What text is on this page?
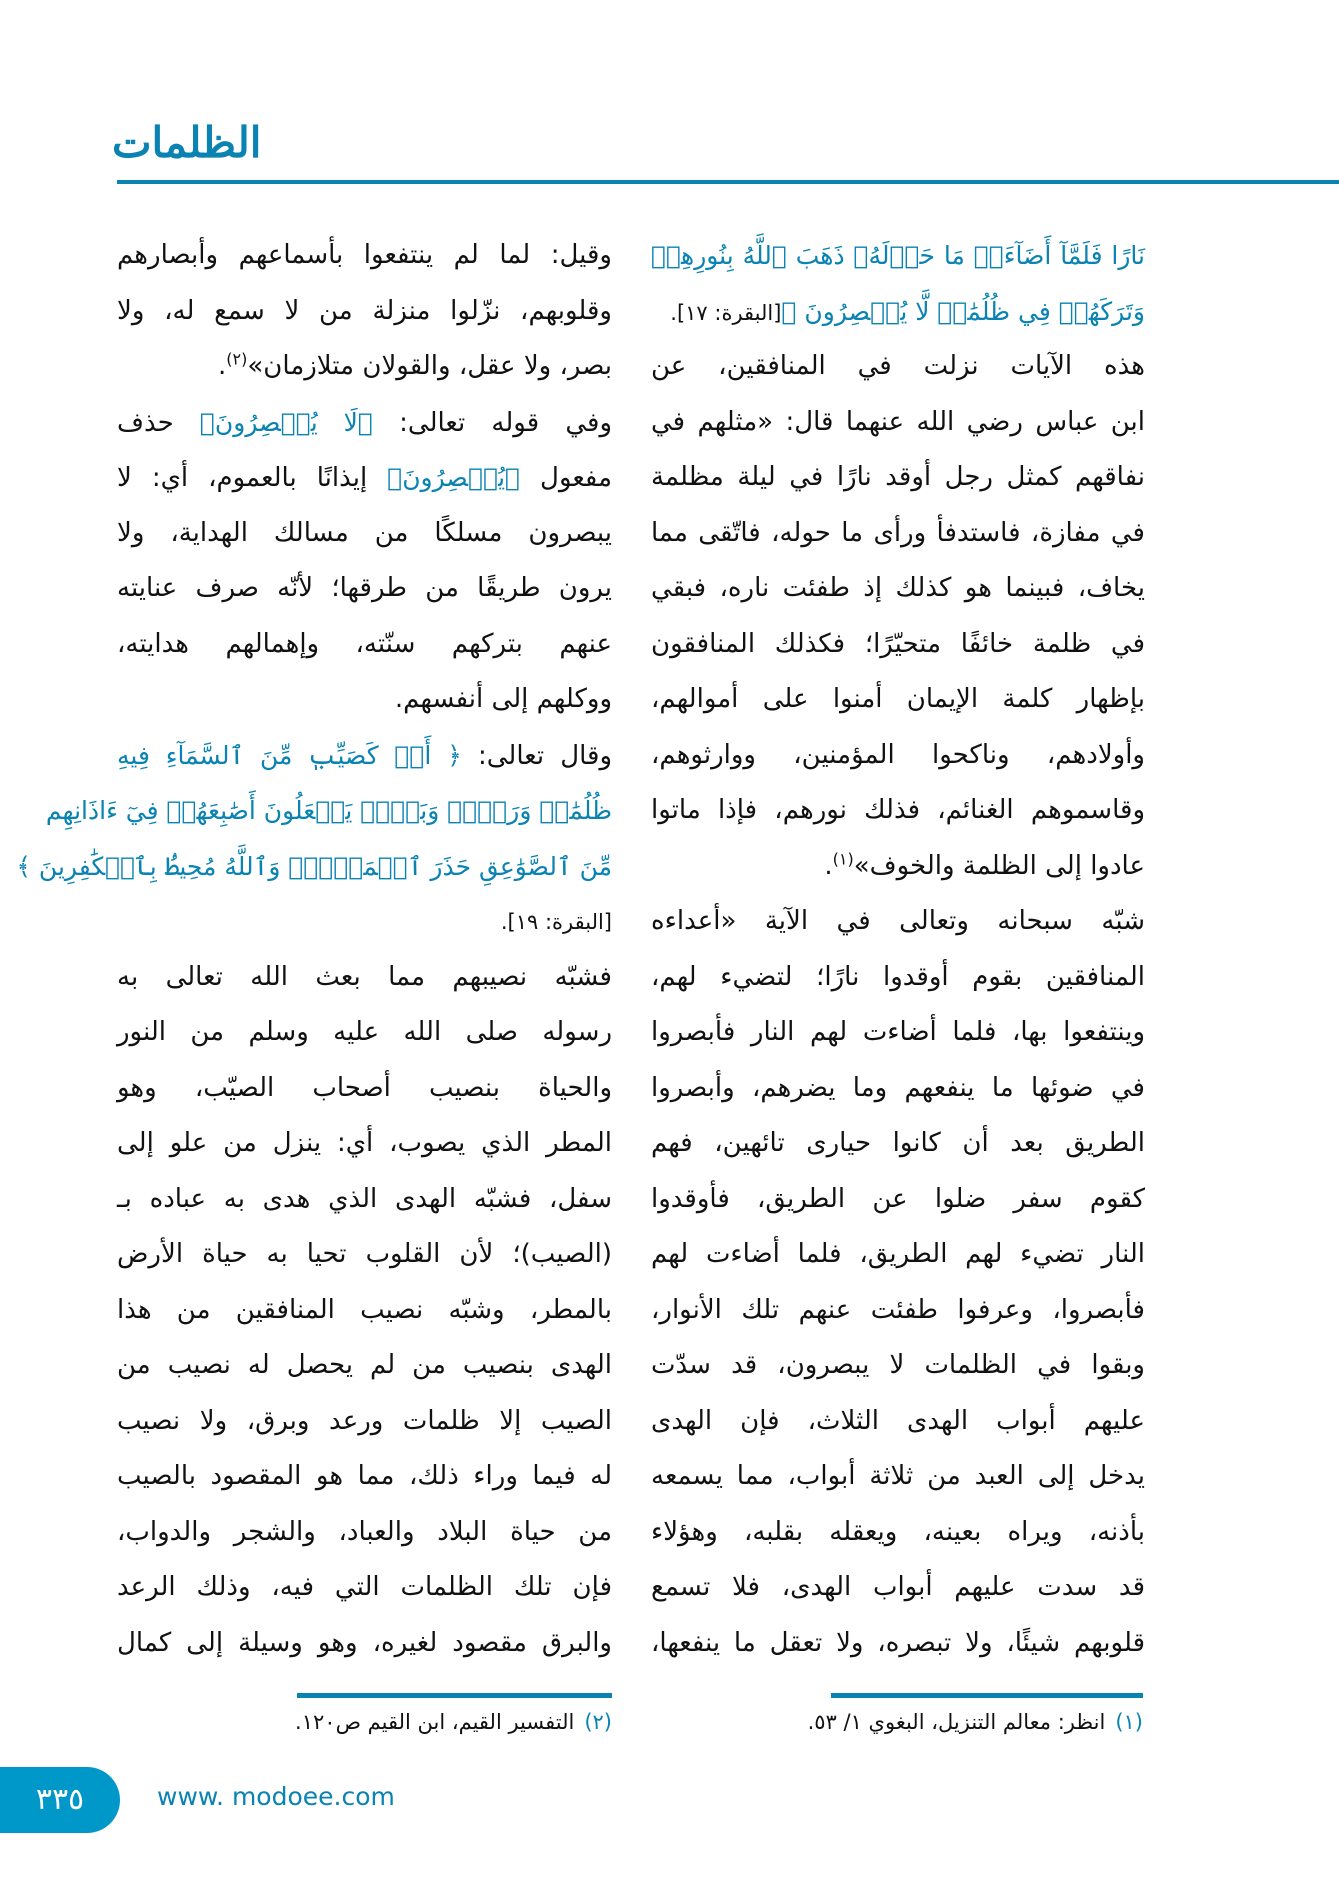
الظلمات
نَارًا فَلَمَّآ أَضَآءَتۡ مَا حَوۡلَهُۥ ذَهَبَ ٱللَّهُ بِنُورِهِمۡ
وَتَرَكَهُمۡ فِي ظُلُمَٰتٖ لَّا يُبۡصِرُونَ ﴾[البقرة: ١٧].
هذه الآيات نزلت في المنافقين، عن
ابن عباس رضي الله عنهما قال: «مثلهم في
نفاقهم كمثل رجل أوقد نارًا في ليلة مظلمة
في مفازة، فاستدفأ ورأى ما حوله، فاتّقى مما
يخاف، فبينما هو كذلك إذ طفئت ناره، فبقي
في ظلمة خائفًا متحيّرًا؛ فكذلك المنافقون
بإظهار كلمة الإيمان أمنوا على أموالهم،
وأولادهم، وناكحوا المؤمنين، ووارثوهم،
وقاسموهم الغنائم، فذلك نورهم، فإذا ماتوا
عادوا إلى الظلمة والخوف»$^{(١)}$.
شبّه سبحانه وتعالى في الآية «أعداءه
المنافقين بقوم أوقدوا نارًا؛ لتضيء لهم،
وينتفعوا بها، فلما أضاءت لهم النار فأبصروا
في ضوئها ما ينفعهم وما يضرهم، وأبصروا
الطريق بعد أن كانوا حيارى تائهين، فهم
كقوم سفر ضلوا عن الطريق، فأوقدوا
النار تضيء لهم الطريق، فلما أضاءت لهم
فأبصروا، وعرفوا طفئت عنهم تلك الأنوار،
وبقوا في الظلمات لا يبصرون، قد سدّت
عليهم أبواب الهدى الثلاث، فإن الهدى
يدخل إلى العبد من ثلاثة أبواب، مما يسمعه
بأذنه، ويراه بعينه، ويعقله بقلبه، وهؤلاء
قد سدت عليهم أبواب الهدى، فلا تسمع
قلوبهم شيئًا، ولا تبصره، ولا تعقل ما ينفعها،
وقيل: لما لم ينتفعوا بأسماعهم وأبصارهم
وقلوبهم، نزّلوا منزلة من لا سمع له، ولا
بصر، ولا عقل، والقولان متلازمان»$^{(٢)}$.
وفي قوله تعالى: ﴿لَا يُبۡصِرُونَ﴾ حذف
مفعول ﴿يُبۡصِرُونَ﴾ إيذانًا بالعموم، أي: لا
يبصرون مسلكًا من مسالك الهداية، ولا
يرون طريقًا من طرقها؛ لأنّه صرف عنايته
عنهم بتركهم سنّته، وإهمالهم هدايته،
ووكلهم إلى أنفسهم.
وقال تعالى: ﴿ أَوۡ كَصَيِّبٖ مِّنَ ٱلسَّمَآءِ فِيهِ
ظُلُمَٰتٞ وَرَعۡدٞ وَبَرۡقٞ يَجۡعَلُونَ أَصَٰبِعَهُمۡ فِيٓ ءَاذَانِهِم
مِّنَ ٱلصَّوَٰعِقِ حَذَرَ ٱلۡمَوۡتِۚ وَٱللَّهُ مُحِيطُۢ بِٱلۡكَٰفِرِينَ ﴾
[البقرة: ١٩].
فشبّه نصيبهم مما بعث الله تعالى به
رسوله صلى الله عليه وسلم من النور
والحياة بنصيب أصحاب الصيّب، وهو
المطر الذي يصوب، أي: ينزل من علو إلى
سفل، فشبّه الهدى الذي هدى به عباده بـ
(الصيب)؛ لأن القلوب تحيا به حياة الأرض
بالمطر، وشبّه نصيب المنافقين من هذا
الهدى بنصيب من لم يحصل له نصيب من
الصيب إلا ظلمات ورعد وبرق، ولا نصيب
له فيما وراء ذلك، مما هو المقصود بالصيب
من حياة البلاد والعباد، والشجر والدواب،
فإن تلك الظلمات التي فيه، وذلك الرعد
والبرق مقصود لغيره، وهو وسيلة إلى كمال
(١)انظر: معالم التنزيل، البغوي ١/ ٥٣.
(٢)التفسير القيم، ابن القيم ص١٢٠.
٣٣٥	www. modoee.com
